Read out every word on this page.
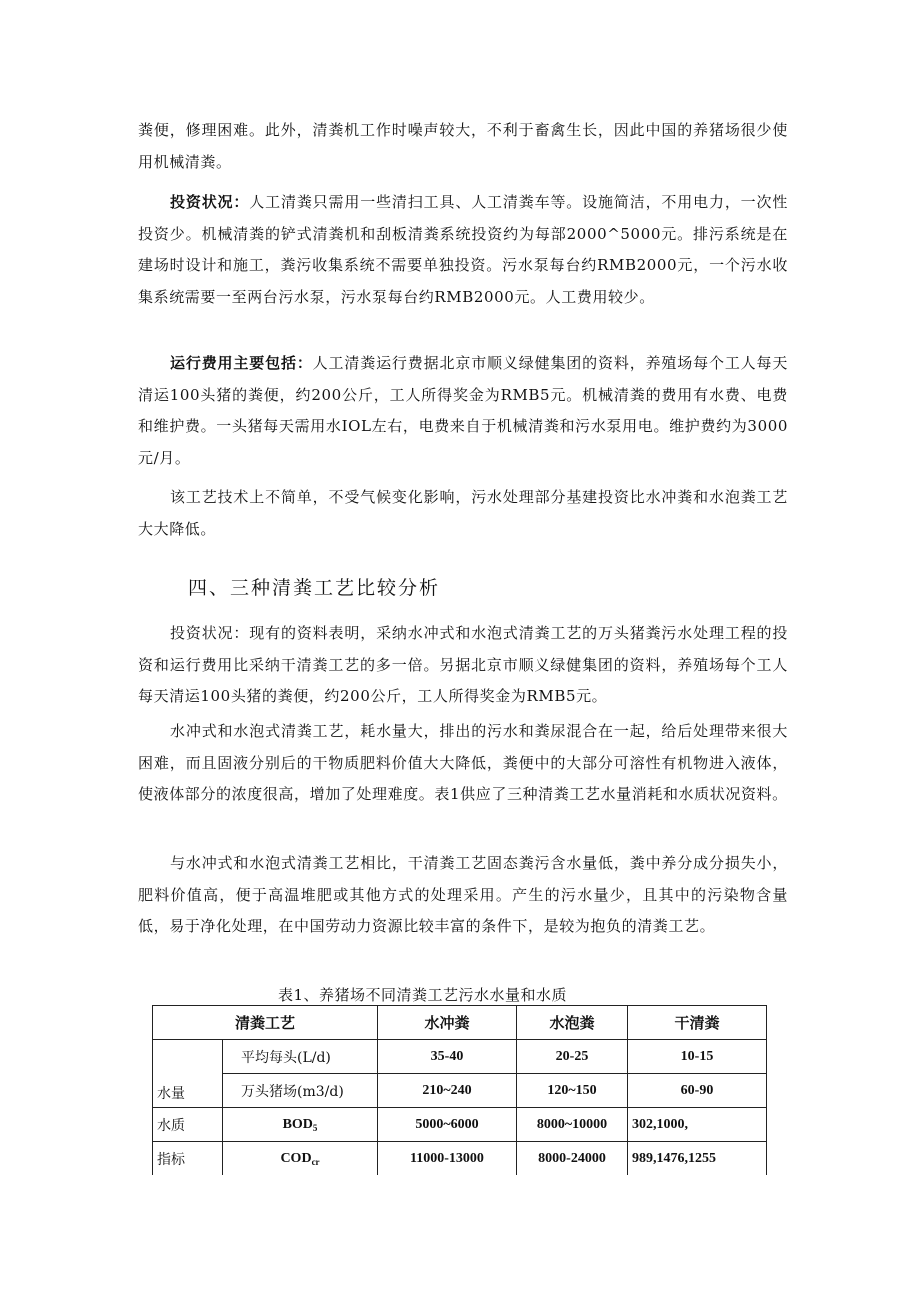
粪便，修理困难。此外，清粪机工作时噪声较大，不利于畜禽生长，因此中国的养猪场很少使用机械清粪。

投资状况：人工清粪只需用一些清扫工具、人工清粪车等。设施简洁，不用电力，一次性投资少。机械清粪的铲式清粪机和刮板清粪系统投资约为每部2000^5000元。排污系统是在建场时设计和施工，粪污收集系统不需要单独投资。污水泵每台约RMB2000元，一个污水收集系统需要一至两台污水泵，污水泵每台约RMB2000元。人工费用较少。

运行费用主要包括：人工清粪运行费据北京市顺义绿健集团的资料，养殖场每个工人每天清运100头猪的粪便，约200公斤，工人所得奖金为RMB5元。机械清粪的费用有水费、电费和维护费。一头猪每天需用水IOL左右，电费来自于机械清粪和污水泵用电。维护费约为3000元/月。

该工艺技术上不简单，不受气候变化影响，污水处理部分基建投资比水冲粪和水泡粪工艺大大降低。

四、三种清粪工艺比较分析

投资状况：现有的资料表明，采纳水冲式和水泡式清粪工艺的万头猪粪污水处理工程的投资和运行费用比采纳干清粪工艺的多一倍。另据北京市顺义绿健集团的资料，养殖场每个工人每天清运100头猪的粪便，约200公斤，工人所得奖金为RMB5元。

水冲式和水泡式清粪工艺，耗水量大，排出的污水和粪尿混合在一起，给后处理带来很大困难，而且固液分别后的干物质肥料价值大大降低，粪便中的大部分可溶性有机物进入液体，使液体部分的浓度很高，增加了处理难度。表1供应了三种清粪工艺水量消耗和水质状况资料。

与水冲式和水泡式清粪工艺相比，干清粪工艺固态粪污含水量低，粪中养分成分损失小，肥料价值高，便于高温堆肥或其他方式的处理采用。产生的污水量少，且其中的污染物含量低，易于净化处理，在中国劳动力资源比较丰富的条件下，是较为抱负的清粪工艺。

表1、养猪场不同清粪工艺污水水量和水质

清粪工艺		水冲粪	水泡粪	干清粪
水量	平均每头(L/d)	35-40	20-25	10-15
	万头猪场(m3/d)	210~240	120~150	60-90
水质	$BOD_5$	5000~6000	8000~10000	302,1000,
指标	$COD_{cr}$	11000-13000	8000-24000	989,1476,1255
